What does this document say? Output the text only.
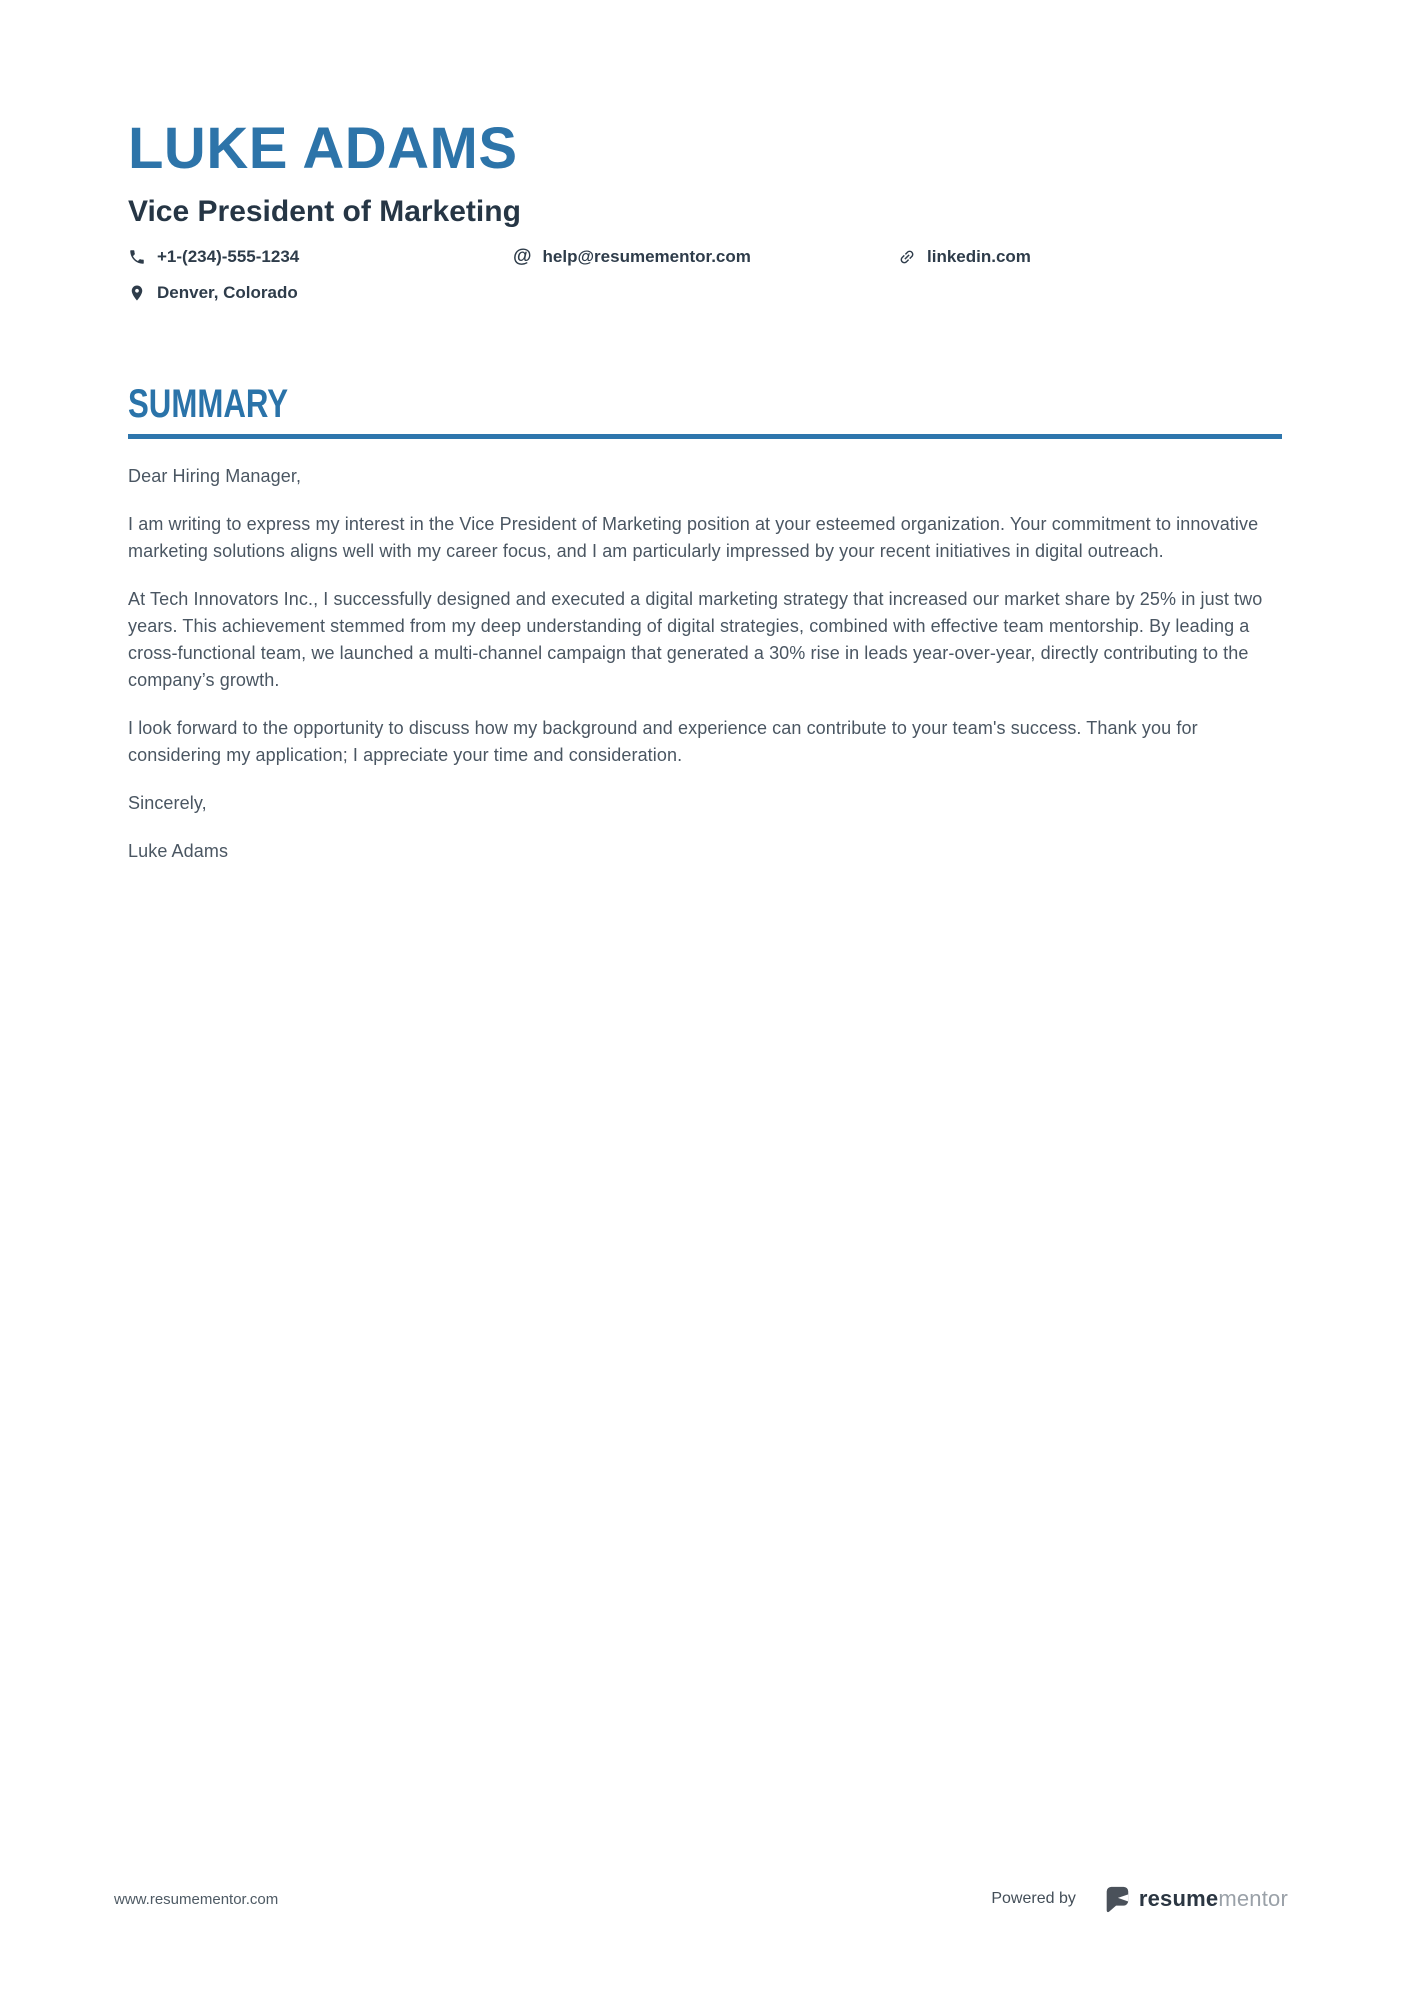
LUKE ADAMS
Vice President of Marketing
+1-(234)-555-1234	@ help@resumementor.com	linkedin.com
Denver, Colorado
SUMMARY

Dear Hiring Manager,

I am writing to express my interest in the Vice President of Marketing position at your esteemed organization. Your commitment to innovative marketing solutions aligns well with my career focus, and I am particularly impressed by your recent initiatives in digital outreach.

At Tech Innovators Inc., I successfully designed and executed a digital marketing strategy that increased our market share by 25% in just two years. This achievement stemmed from my deep understanding of digital strategies, combined with effective team mentorship. By leading a cross-functional team, we launched a multi-channel campaign that generated a 30% rise in leads year-over-year, directly contributing to the company’s growth.

I look forward to the opportunity to discuss how my background and experience can contribute to your team's success. Thank you for considering my application; I appreciate your time and consideration.

Sincerely,

Luke Adams

www.resumementor.com	Powered by	resumementor
